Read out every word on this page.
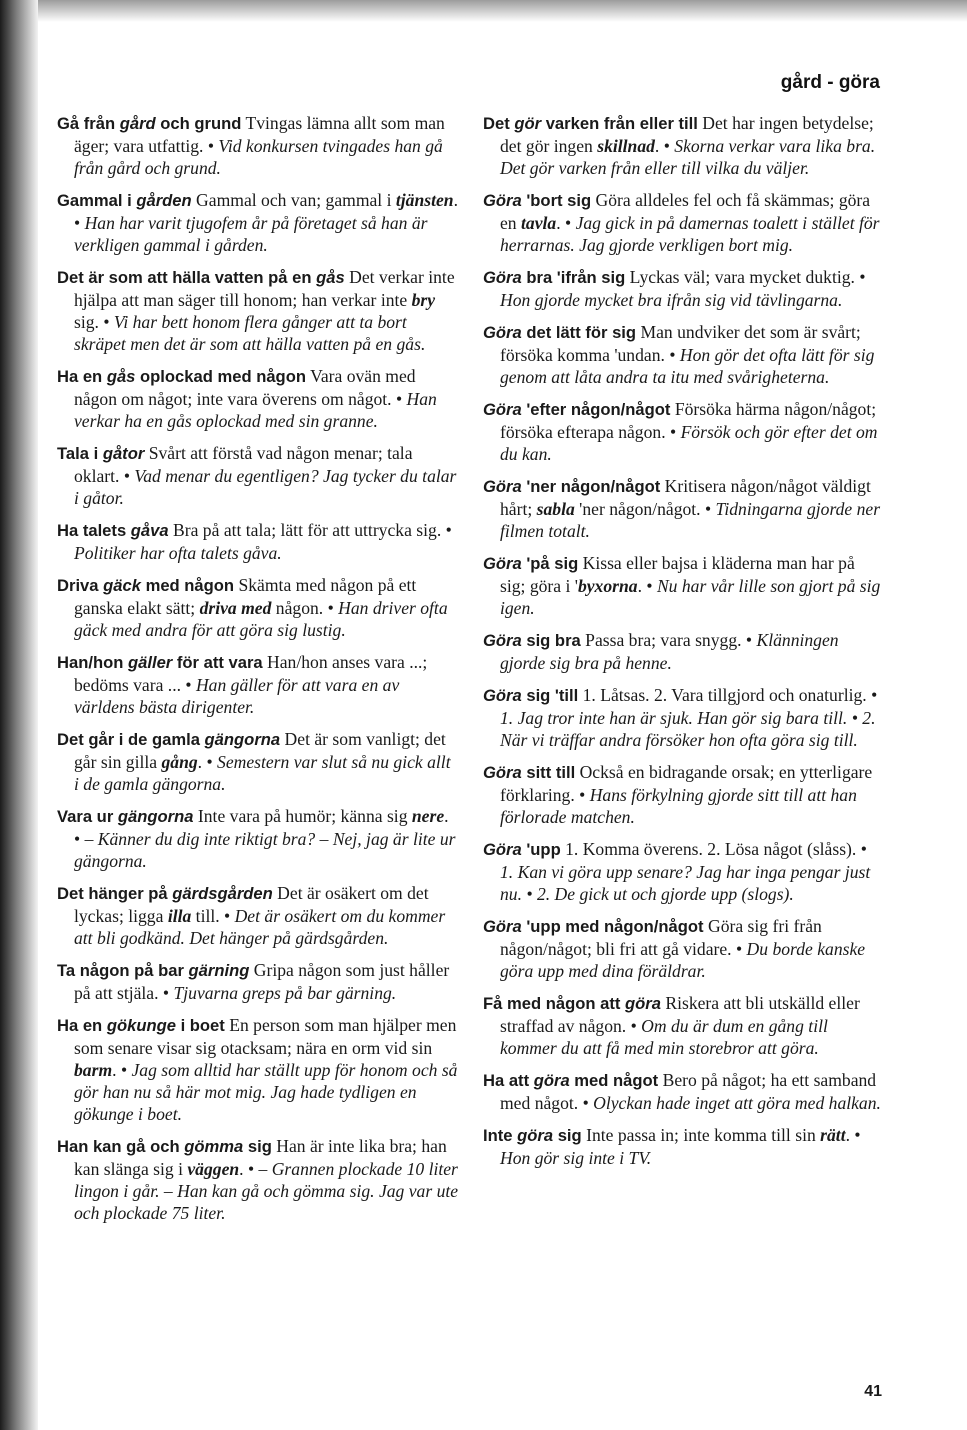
gård - göra

Gå från gård och grund Tvingas lämna allt som man äger; vara utfattig. • Vid konkursen tvingades han gå från gård och grund.

Gammal i gården Gammal och van; gammal i tjänsten. • Han har varit tjugofem år på företaget så han är verkligen gammal i gården.

Det är som att hälla vatten på en gås Det verkar inte hjälpa att man säger till honom; han verkar inte bry sig. • Vi har bett honom flera gånger att ta bort skräpet men det är som att hälla vatten på en gås.

Ha en gås oplockad med någon Vara ovän med någon om något; inte vara överens om något. • Han verkar ha en gås oplockad med sin granne.

Tala i gåtor Svårt att förstå vad någon menar; tala oklart. • Vad menar du egentligen? Jag tycker du talar i gåtor.

Ha talets gåva Bra på att tala; lätt för att uttrycka sig. • Politiker har ofta talets gåva.

Driva gäck med någon Skämta med någon på ett ganska elakt sätt; driva med någon. • Han driver ofta gäck med andra för att göra sig lustig.

Han/hon gäller för att vara Han/hon anses vara ...; bedöms vara ... • Han gäller för att vara en av världens bästa dirigenter.

Det går i de gamla gängorna Det är som vanligt; det går sin gilla gång. • Semestern var slut så nu gick allt i de gamla gängorna.

Vara ur gängorna Inte vara på humör; känna sig nere. • – Känner du dig inte riktigt bra? – Nej, jag är lite ur gängorna.

Det hänger på gärdsgården Det är osäkert om det lyckas; ligga illa till. • Det är osäkert om du kommer att bli godkänd. Det hänger på gärdsgården.

Ta någon på bar gärning Gripa någon som just håller på att stjäla. • Tjuvarna greps på bar gärning.

Ha en gökunge i boet En person som man hjälper men som senare visar sig otacksam; nära en orm vid sin barm. • Jag som alltid har ställt upp för honom och så gör han nu så här mot mig. Jag hade tydligen en gökunge i boet.

Han kan gå och gömma sig Han är inte lika bra; han kan slänga sig i väggen. • – Grannen plockade 10 liter lingon i går. – Han kan gå och gömma sig. Jag var ute och plockade 75 liter.

Det gör varken från eller till Det har ingen betydelse; det gör ingen skillnad. • Skorna verkar vara lika bra. Det gör varken från eller till vilka du väljer.

Göra 'bort sig Göra alldeles fel och få skämmas; göra en tavla. • Jag gick in på damernas toalett i stället för herrarnas. Jag gjorde verkligen bort mig.

Göra bra 'ifrån sig Lyckas väl; vara mycket duktig. • Hon gjorde mycket bra ifrån sig vid tävlingarna.

Göra det lätt för sig Man undviker det som är svårt; försöka komma 'undan. • Hon gör det ofta lätt för sig genom att låta andra ta itu med svårigheterna.

Göra 'efter någon/något Försöka härma någon/något; försöka efterapa någon. • Försök och gör efter det om du kan.

Göra 'ner någon/något Kritisera någon/något väldigt hårt; sabla 'ner någon/något. • Tidningarna gjorde ner filmen totalt.

Göra 'på sig Kissa eller bajsa i kläderna man har på sig; göra i 'byxorna. • Nu har vår lille son gjort på sig igen.

Göra sig bra Passa bra; vara snygg. • Klänningen gjorde sig bra på henne.

Göra sig 'till 1. Låtsas. 2. Vara tillgjord och onaturlig. • 1. Jag tror inte han är sjuk. Han gör sig bara till. • 2. När vi träffar andra försöker hon ofta göra sig till.

Göra sitt till Också en bidragande orsak; en ytterligare förklaring. • Hans förkylning gjorde sitt till att han förlorade matchen.

Göra 'upp 1. Komma överens. 2. Lösa något (slåss). • 1. Kan vi göra upp senare? Jag har inga pengar just nu. • 2. De gick ut och gjorde upp (slogs).

Göra 'upp med någon/något Göra sig fri från någon/något; bli fri att gå vidare. • Du borde kanske göra upp med dina föräldrar.

Få med någon att göra Riskera att bli utskälld eller straffad av någon. • Om du är dum en gång till kommer du att få med min storebror att göra.

Ha att göra med något Bero på något; ha ett samband med något. • Olyckan hade inget att göra med halkan.

Inte göra sig Inte passa in; inte komma till sin rätt. • Hon gör sig inte i TV.

41
